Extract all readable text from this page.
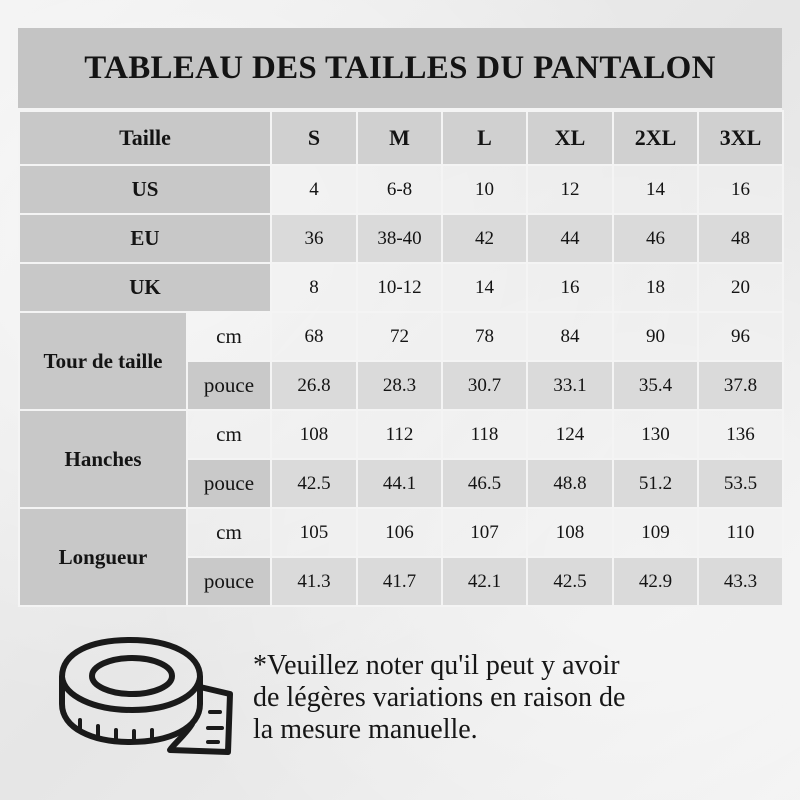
TABLEAU DES TAILLES DU PANTALON
Taille		S	M	L	XL	2XL	3XL
US		4	6-8	10	12	14	16
EU		36	38-40	42	44	46	48
UK		8	10-12	14	16	18	20
Tour de taille	cm	68	72	78	84	90	96
	pouce	26.8	28.3	30.7	33.1	35.4	37.8
Hanches	cm	108	112	118	124	130	136
	pouce	42.5	44.1	46.5	48.8	51.2	53.5
Longueur	cm	105	106	107	108	109	110
	pouce	41.3	41.7	42.1	42.5	42.9	43.3
*Veuillez noter qu'il peut y avoir
de légères variations en raison de
la mesure manuelle.
